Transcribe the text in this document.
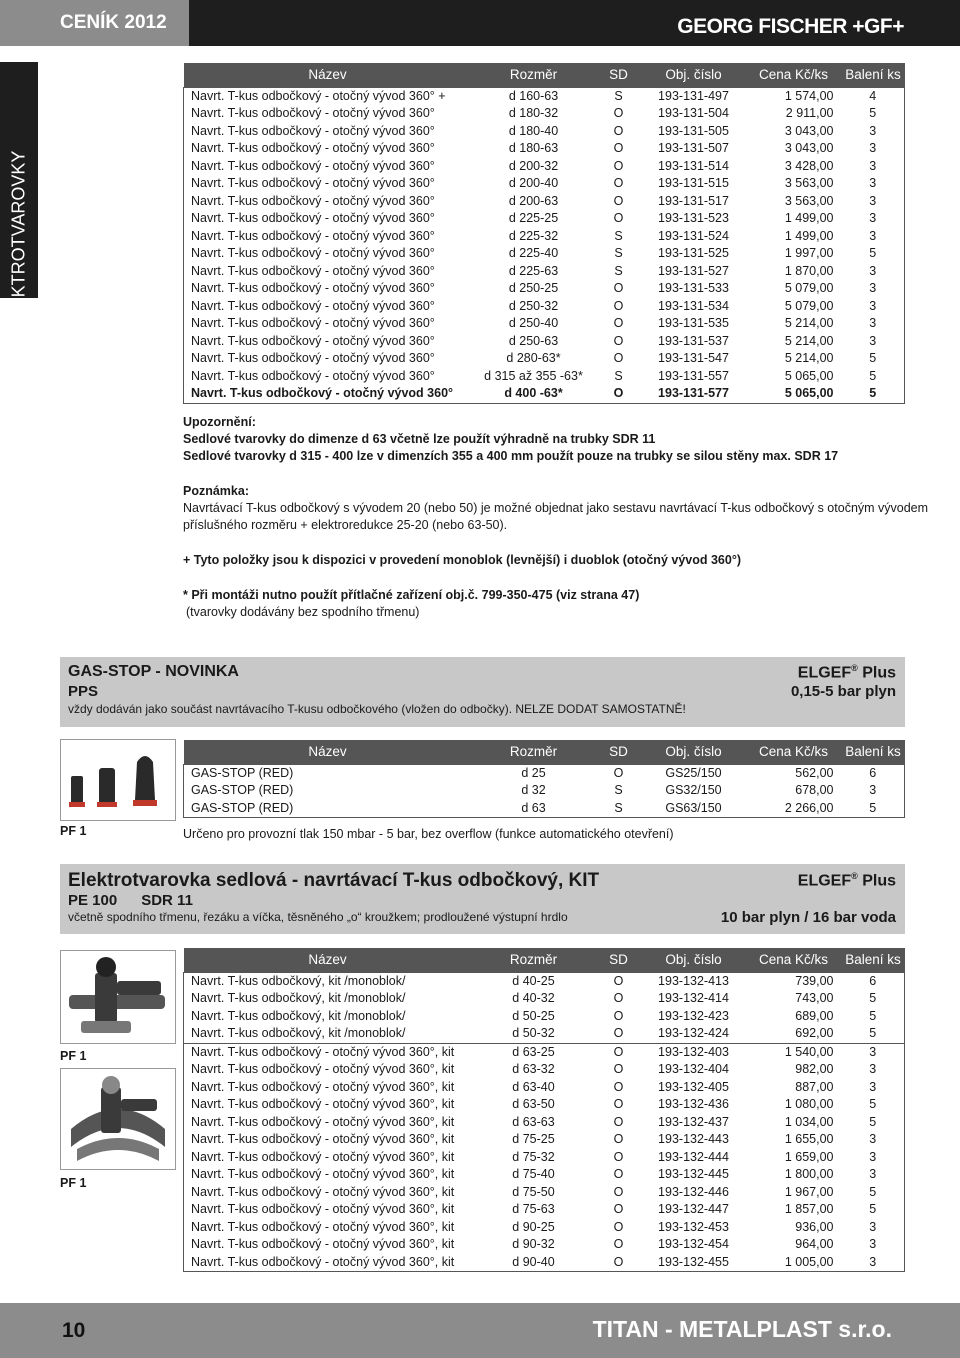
CENÍK 2012	GEORG FISCHER +GF+
ELEKTROTVAROVKY
Název	Rozměr	SD	Obj. číslo	Cena Kč/ks	Balení ks
Navrt. T-kus odbočkový - otočný vývod 360° +	d 160-63	S	193-131-497	1 574,00	4
Navrt. T-kus odbočkový - otočný vývod 360°	d 180-32	O	193-131-504	2 911,00	5
Navrt. T-kus odbočkový - otočný vývod 360°	d 180-40	O	193-131-505	3 043,00	3
Navrt. T-kus odbočkový - otočný vývod 360°	d 180-63	O	193-131-507	3 043,00	3
Navrt. T-kus odbočkový - otočný vývod 360°	d 200-32	O	193-131-514	3 428,00	3
Navrt. T-kus odbočkový - otočný vývod 360°	d 200-40	O	193-131-515	3 563,00	3
Navrt. T-kus odbočkový - otočný vývod 360°	d 200-63	O	193-131-517	3 563,00	3
Navrt. T-kus odbočkový - otočný vývod 360°	d 225-25	O	193-131-523	1 499,00	3
Navrt. T-kus odbočkový - otočný vývod 360°	d 225-32	S	193-131-524	1 499,00	3
Navrt. T-kus odbočkový - otočný vývod 360°	d 225-40	S	193-131-525	1 997,00	5
Navrt. T-kus odbočkový - otočný vývod 360°	d 225-63	S	193-131-527	1 870,00	3
Navrt. T-kus odbočkový - otočný vývod 360°	d 250-25	O	193-131-533	5 079,00	3
Navrt. T-kus odbočkový - otočný vývod 360°	d 250-32	O	193-131-534	5 079,00	3
Navrt. T-kus odbočkový - otočný vývod 360°	d 250-40	O	193-131-535	5 214,00	3
Navrt. T-kus odbočkový - otočný vývod 360°	d 250-63	O	193-131-537	5 214,00	3
Navrt. T-kus odbočkový - otočný vývod 360°	d 280-63*	O	193-131-547	5 214,00	5
Navrt. T-kus odbočkový - otočný vývod 360°	d 315 až 355 -63*	S	193-131-557	5 065,00	5
Navrt. T-kus odbočkový - otočný vývod 360°	d 400 -63*	O	193-131-577	5 065,00	5
Upozornění:
Sedlové tvarovky do dimenze d 63 včetně lze použít výhradně na trubky SDR 11
Sedlové tvarovky d 315 - 400 lze v dimenzích 355 a 400 mm použít pouze na trubky se silou stěny max. SDR 17
Poznámka:
Navrtávací T-kus odbočkový s vývodem 20 (nebo 50) je možné objednat jako sestavu navrtávací T-kus odbočkový s otočným vývodem
příslušného rozměru + elektroredukce 25-20 (nebo 63-50).
+ Tyto položky jsou k dispozici v provedení monoblok (levnější) i duoblok (otočný vývod 360°)
* Při montáži nutno použít přítlačné zařízení obj.č. 799-350-475 (viz strana 47)
(tvarovky dodávány bez spodního třmenu)
GAS-STOP - NOVINKA
PPS
vždy dodáván jako součást navrtávacího T-kusu odbočkového (vložen do odbočky). NELZE DODAT SAMOSTATNĚ!
ELGEF® Plus
0,15-5 bar plyn
PF 1
Název	Rozměr	SD	Obj. číslo	Cena Kč/ks	Balení ks
GAS-STOP (RED)	d 25	O	GS25/150	562,00	6
GAS-STOP (RED)	d 32	S	GS32/150	678,00	3
GAS-STOP (RED)	d 63	S	GS63/150	2 266,00	5
Určeno pro provozní tlak 150 mbar - 5 bar, bez overflow (funkce automatického otevření)
Elektrotvarovka sedlová - navrtávací T-kus odbočkový, KIT
PE 100 SDR 11
včetně spodního třmenu, řezáku a víčka, těsněného „o“ kroužkem; prodloužené výstupní hrdlo
ELGEF® Plus
10 bar plyn / 16 bar voda
PF 1
PF 1
Název	Rozměr	SD	Obj. číslo	Cena Kč/ks	Balení ks
Navrt. T-kus odbočkový, kit /monoblok/	d 40-25	O	193-132-413	739,00	6
Navrt. T-kus odbočkový, kit /monoblok/	d 40-32	O	193-132-414	743,00	5
Navrt. T-kus odbočkový, kit /monoblok/	d 50-25	O	193-132-423	689,00	5
Navrt. T-kus odbočkový, kit /monoblok/	d 50-32	O	193-132-424	692,00	5
Navrt. T-kus odbočkový - otočný vývod 360°, kit	d 63-25	O	193-132-403	1 540,00	3
Navrt. T-kus odbočkový - otočný vývod 360°, kit	d 63-32	O	193-132-404	982,00	3
Navrt. T-kus odbočkový - otočný vývod 360°, kit	d 63-40	O	193-132-405	887,00	3
Navrt. T-kus odbočkový - otočný vývod 360°, kit	d 63-50	O	193-132-436	1 080,00	5
Navrt. T-kus odbočkový - otočný vývod 360°, kit	d 63-63	O	193-132-437	1 034,00	5
Navrt. T-kus odbočkový - otočný vývod 360°, kit	d 75-25	O	193-132-443	1 655,00	3
Navrt. T-kus odbočkový - otočný vývod 360°, kit	d 75-32	O	193-132-444	1 659,00	3
Navrt. T-kus odbočkový - otočný vývod 360°, kit	d 75-40	O	193-132-445	1 800,00	3
Navrt. T-kus odbočkový - otočný vývod 360°, kit	d 75-50	O	193-132-446	1 967,00	5
Navrt. T-kus odbočkový - otočný vývod 360°, kit	d 75-63	O	193-132-447	1 857,00	5
Navrt. T-kus odbočkový - otočný vývod 360°, kit	d 90-25	O	193-132-453	936,00	3
Navrt. T-kus odbočkový - otočný vývod 360°, kit	d 90-32	O	193-132-454	964,00	3
Navrt. T-kus odbočkový - otočný vývod 360°, kit	d 90-40	O	193-132-455	1 005,00	3
10	TITAN - METALPLAST s.r.o.
